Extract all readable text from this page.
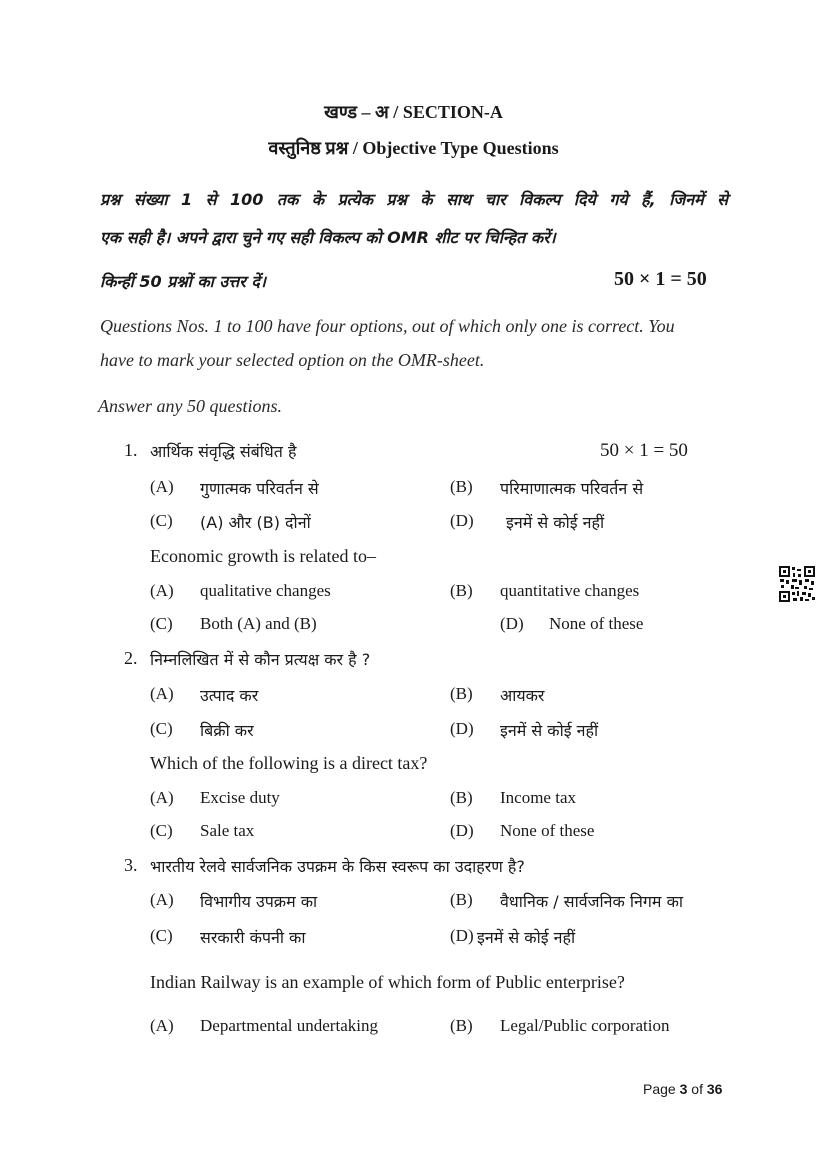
खण्ड – अ / SECTION-A
वस्तुनिष्ठ प्रश्न / Objective Type Questions
प्रश्न संख्या 1 से 100 तक के प्रत्येक प्रश्न के साथ चार विकल्प दिये गये हैं, जिनमें से
एक सही है। अपने द्वारा चुने गए सही विकल्प को OMR शीट पर चिन्हित करें।
किन्हीं 50 प्रश्नों का उत्तर दें।	50 × 1 = 50
Questions Nos. 1 to 100 have four options, out of which only one is correct. You
have to mark your selected option on the OMR-sheet.
Answer any 50 questions.
1. आर्थिक संवृद्धि संबंधित है	50 × 1 = 50
(A) गुणात्मक परिवर्तन से	(B) परिमाणात्मक परिवर्तन से
(C) (A) और (B) दोनों	(D) इनमें से कोई नहीं
Economic growth is related to–
(A) qualitative changes	(B) quantitative changes
(C) Both (A) and (B)	(D) None of these
2. निम्नलिखित में से कौन प्रत्यक्ष कर है ?
(A) उत्पाद कर	(B) आयकर
(C) बिक्री कर	(D) इनमें से कोई नहीं
Which of the following is a direct tax?
(A) Excise duty	(B) Income tax
(C) Sale tax	(D) None of these
3. भारतीय रेलवे सार्वजनिक उपक्रम के किस स्वरूप का उदाहरण है?
(A) विभागीय उपक्रम का	(B) वैधानिक / सार्वजनिक निगम का
(C) सरकारी कंपनी का	(D) इनमें से कोई नहीं
Indian Railway is an example of which form of Public enterprise?
(A) Departmental undertaking	(B) Legal/Public corporation
Page 3 of 36
